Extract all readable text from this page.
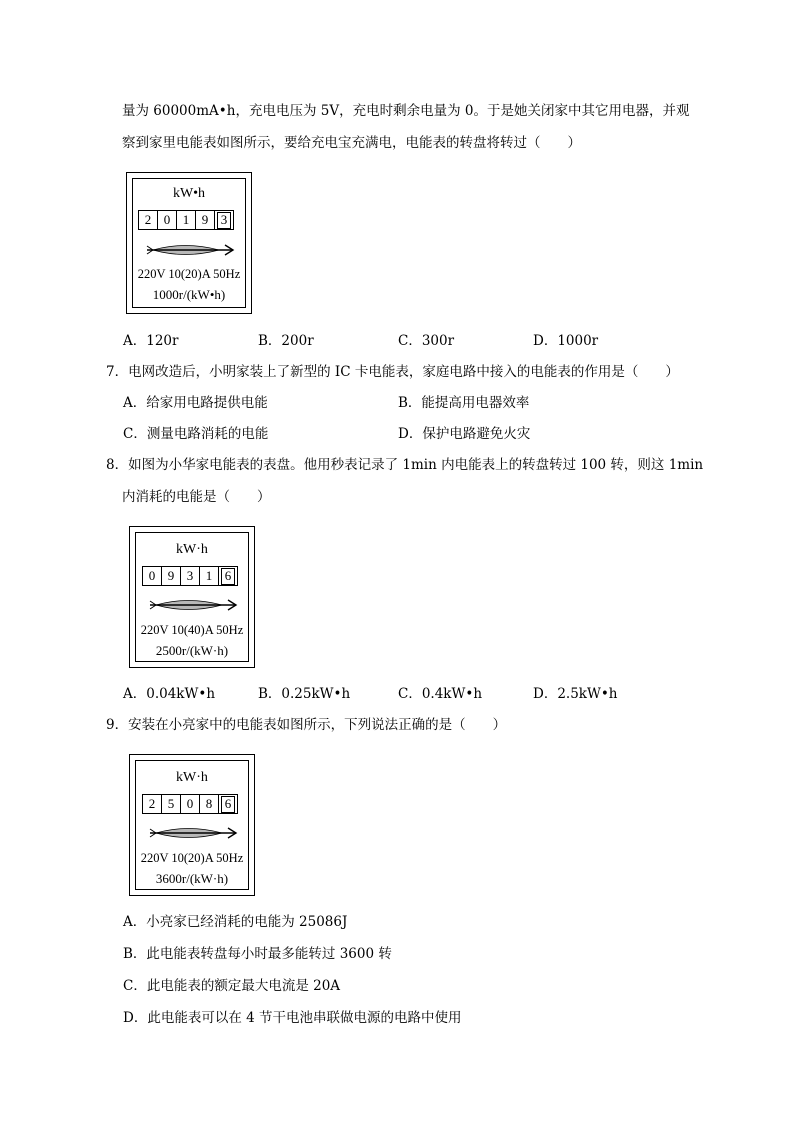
量为 60000mA•h，充电电压为 5V，充电时剩余电量为 0。于是她关闭家中其它用电器，并观
察到家里电能表如图所示，要给充电宝充满电，电能表的转盘将转过（　　）
kW•h
2 0 1 9 3
220V 10(20)A 50Hz
1000r/(kW•h)
A．120r	B．200r	C．300r	D．1000r
7．电网改造后，小明家装上了新型的 IC 卡电能表，家庭电路中接入的电能表的作用是（　　）
A．给家用电路提供电能	B．能提高用电器效率
C．测量电路消耗的电能	D．保护电路避免火灾
8．如图为小华家电能表的表盘。他用秒表记录了 1min 内电能表上的转盘转过 100 转，则这 1min
内消耗的电能是（　　）
kW·h
0 9 3 1 6
220V 10(40)A 50Hz
2500r/(kW·h)
A．0.04kW•h	B．0.25kW•h	C．0.4kW•h	D．2.5kW•h
9．安装在小亮家中的电能表如图所示，下列说法正确的是（　　）
kW·h
2 5 0 8 6
220V 10(20)A 50Hz
3600r/(kW·h)
A．小亮家已经消耗的电能为 25086J
B．此电能表转盘每小时最多能转过 3600 转
C．此电能表的额定最大电流是 20A
D．此电能表可以在 4 节干电池串联做电源的电路中使用
